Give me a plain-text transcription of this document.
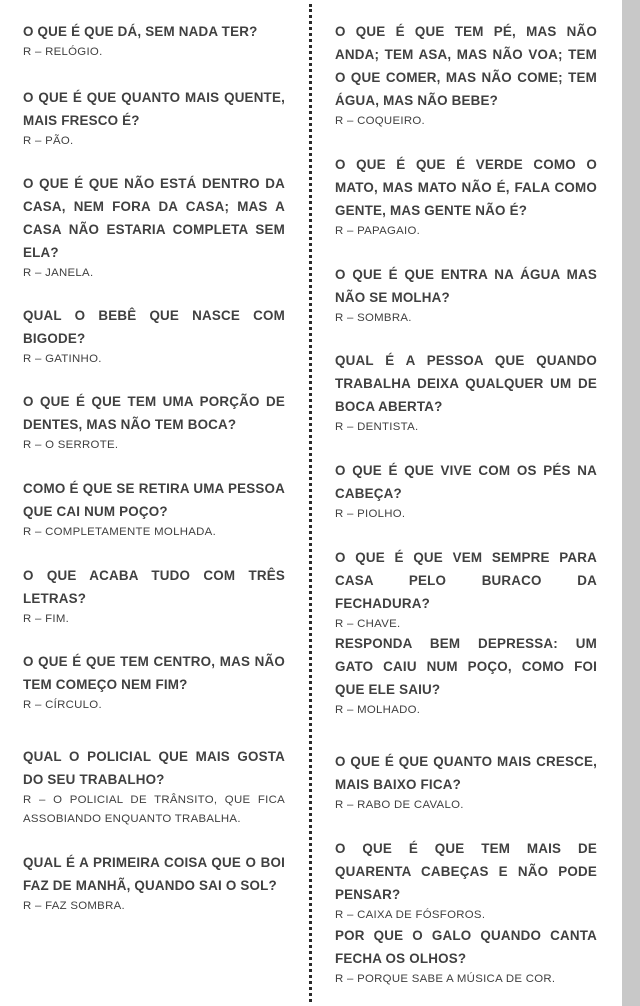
O QUE É QUE DÁ, SEM NADA TER?

R – RELÓGIO.

O QUE É QUE QUANTO MAIS QUENTE, MAIS FRESCO É?

R – PÃO.

O QUE É QUE NÃO ESTÁ DENTRO DA CASA, NEM FORA DA CASA; MAS A CASA NÃO ESTARIA COMPLETA SEM ELA?

R – JANELA.

QUAL O BEBÊ QUE NASCE COM BIGODE?

R – GATINHO.

O QUE É QUE TEM UMA PORÇÃO DE DENTES, MAS NÃO TEM BOCA?

R – O SERROTE.

COMO É QUE SE RETIRA UMA PESSOA QUE CAI NUM POÇO?

R – COMPLETAMENTE MOLHADA.

O QUE ACABA TUDO COM TRÊS LETRAS?

R – FIM.

O QUE É QUE TEM CENTRO, MAS NÃO TEM COMEÇO NEM FIM?

R – CÍRCULO.

QUAL O POLICIAL QUE MAIS GOSTA DO SEU TRABALHO?

R – O POLICIAL DE TRÂNSITO, QUE FICA ASSOBIANDO ENQUANTO TRABALHA.

QUAL É A PRIMEIRA COISA QUE O BOI FAZ DE MANHÃ, QUANDO SAI O SOL?

R – FAZ SOMBRA.

O QUE É QUE TEM PÉ, MAS NÃO ANDA; TEM ASA, MAS NÃO VOA; TEM O QUE COMER, MAS NÃO COME; TEM ÁGUA, MAS NÃO BEBE?

R – COQUEIRO.

O QUE É QUE É VERDE COMO O MATO, MAS MATO NÃO É, FALA COMO GENTE, MAS GENTE NÃO É?

R – PAPAGAIO.

O QUE É QUE ENTRA NA ÁGUA MAS NÃO SE MOLHA?

R – SOMBRA.

QUAL É A PESSOA QUE QUANDO TRABALHA DEIXA QUALQUER UM DE BOCA ABERTA?

R – DENTISTA.

O QUE É QUE VIVE COM OS PÉS NA CABEÇA?

R – PIOLHO.

O QUE É QUE VEM SEMPRE PARA CASA PELO BURACO DA FECHADURA?

R – CHAVE.

RESPONDA BEM DEPRESSA: UM GATO CAIU NUM POÇO, COMO FOI QUE ELE SAIU?

R – MOLHADO.

O QUE É QUE QUANTO MAIS CRESCE, MAIS BAIXO FICA?

R – RABO DE CAVALO.

O QUE É QUE TEM MAIS DE QUARENTA CABEÇAS E NÃO PODE PENSAR?

R – CAIXA DE FÓSFOROS.

POR QUE O GALO QUANDO CANTA FECHA OS OLHOS?

R – PORQUE SABE A MÚSICA DE COR.
